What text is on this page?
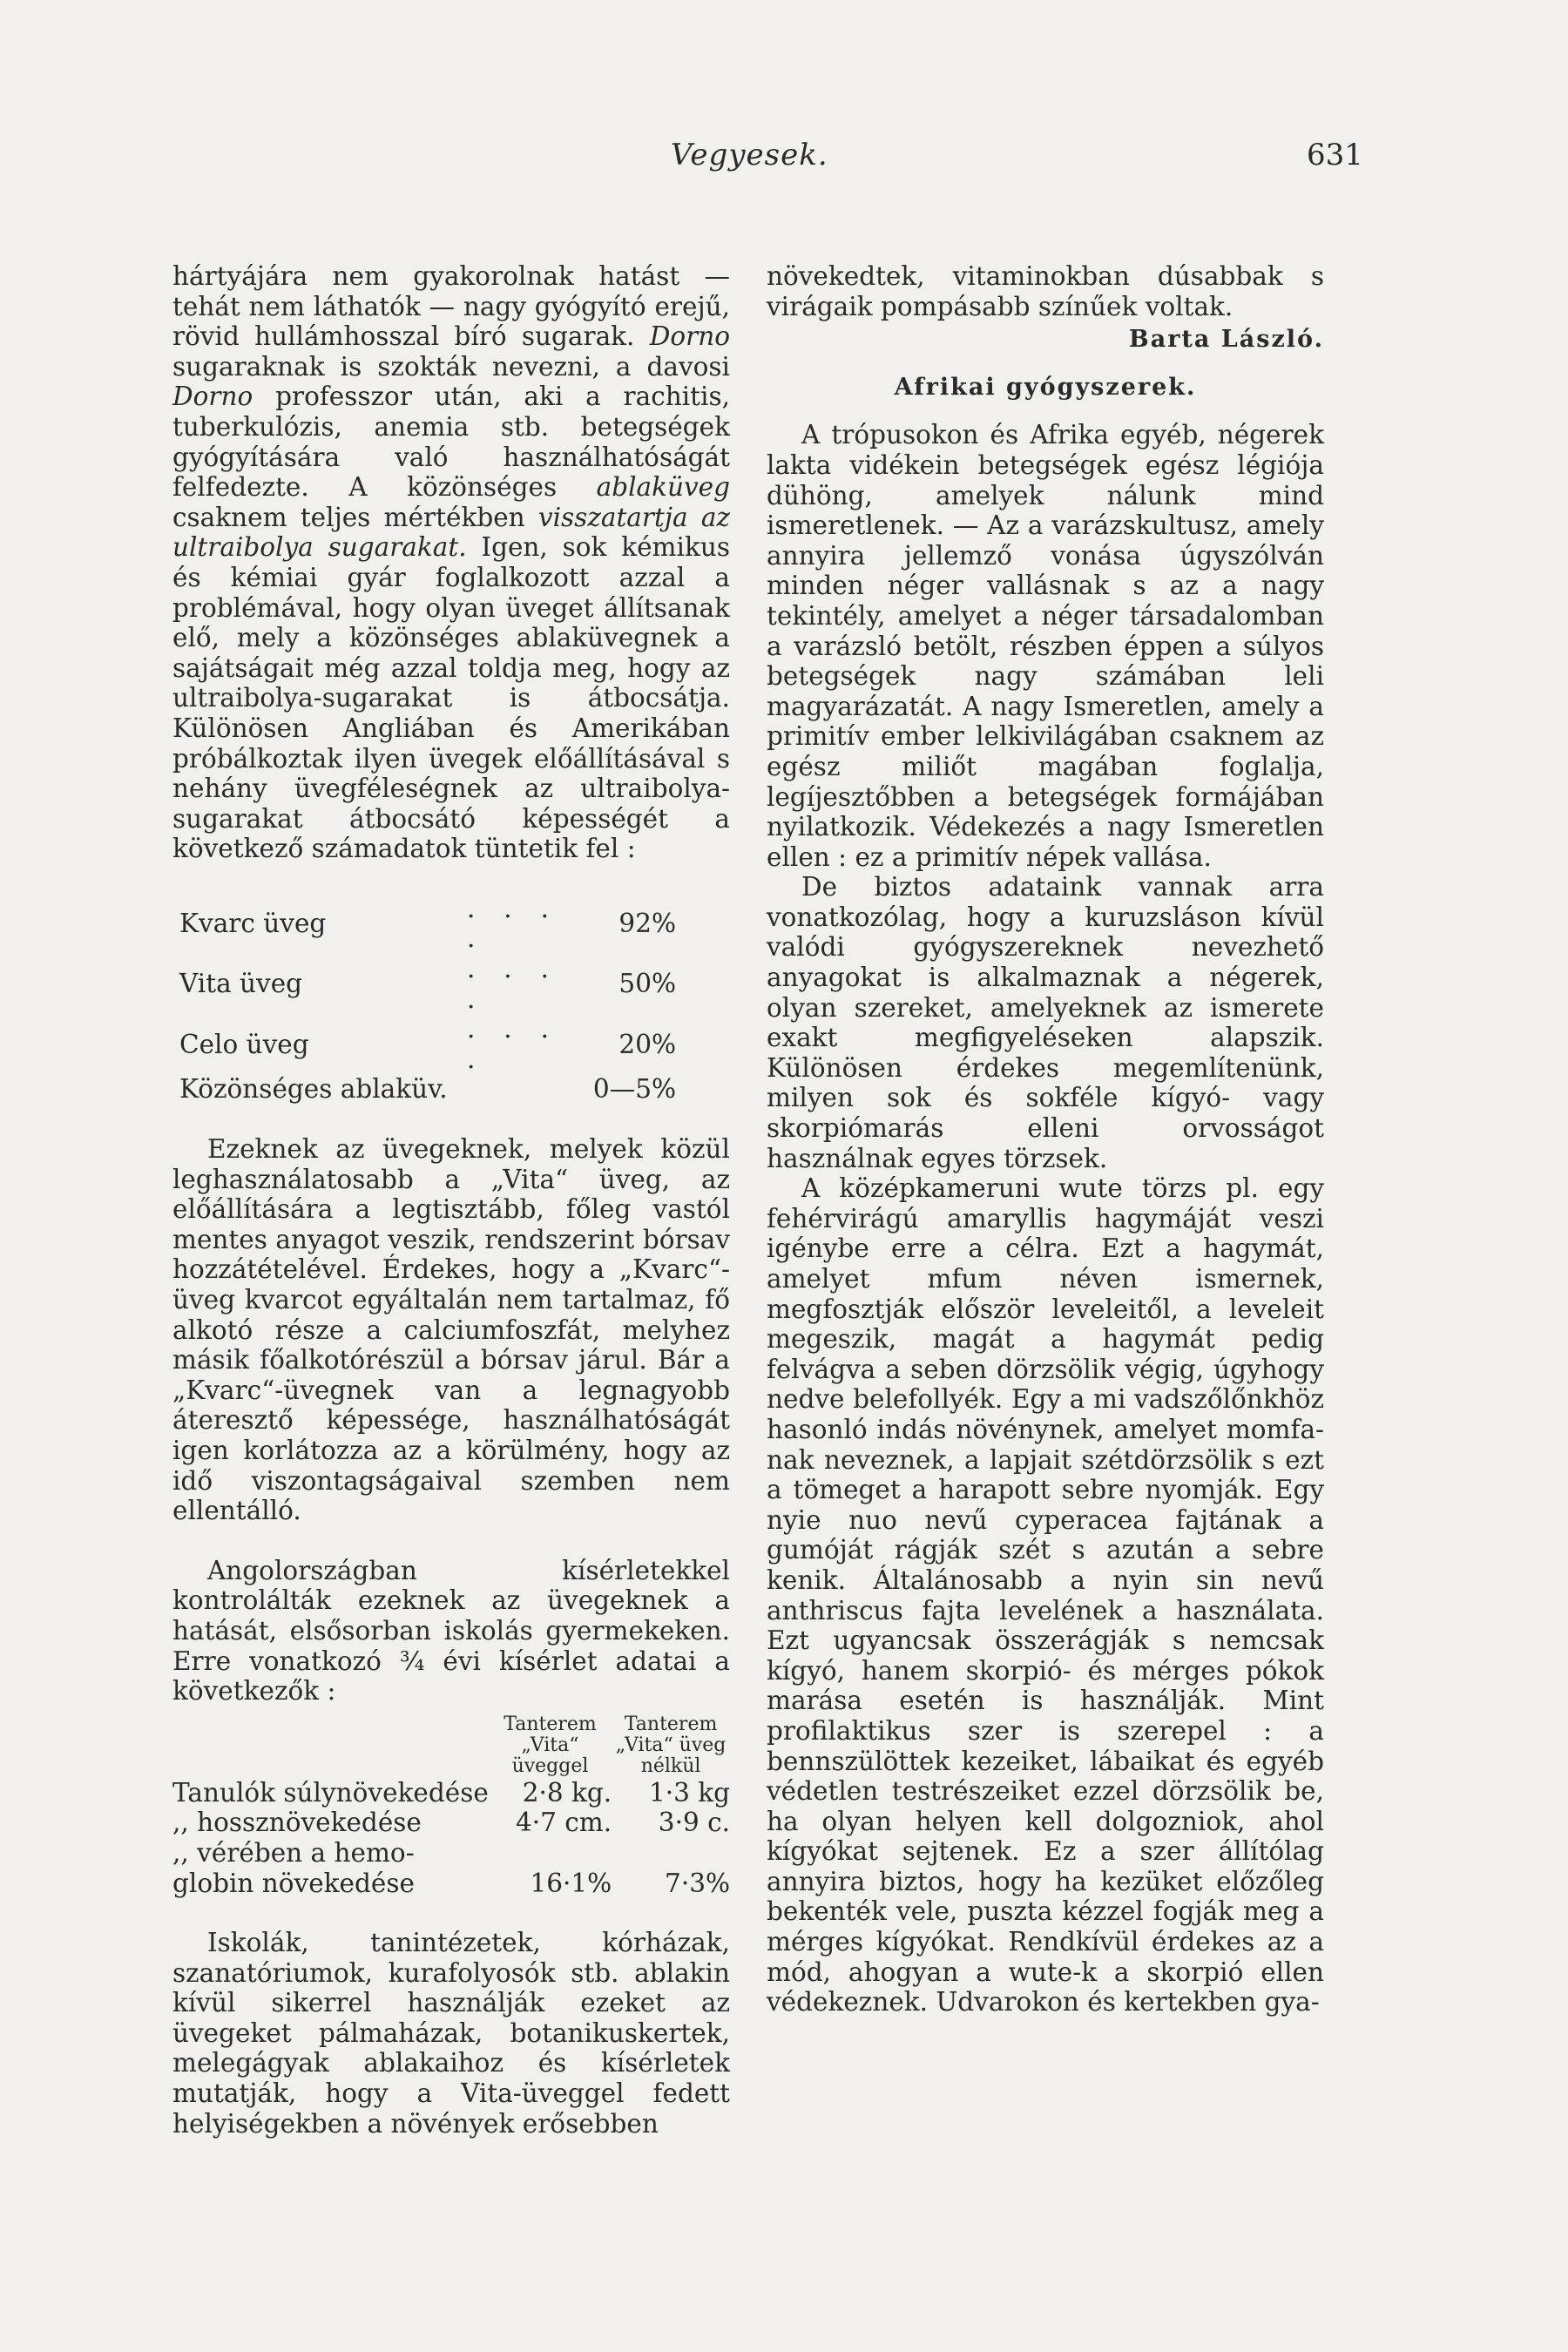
Vegyesek.	631

hártyájára nem gyakorolnak hatást — tehát nem láthatók — nagy gyógyító erejű, rövid hullámhosszal bíró sugarak. Dorno sugaraknak is szokták nevezni, a davosi Dorno professzor után, aki a rachitis, tuberkulózis, anemia stb. betegségek gyógyítására való használhatóságát felfedezte. A közönséges ablaküveg csaknem teljes mértékben visszatartja az ultraibolya sugarakat. Igen, sok kémikus és kémiai gyár foglalkozott azzal a problémával, hogy olyan üveget állítsanak elő, mely a közönséges ablaküvegnek a sajátságait még azzal toldja meg, hogy az ultraibolya-sugarakat is átbocsátja. Különösen Angliában és Amerikában próbálkoztak ilyen üvegek előállításával s nehány üvegféleségnek az ultraibolya-sugarakat átbocsátó képességét a következő számadatok tüntetik fel :

Kvarc üveg	. . . .	92%
Vita üveg	. . . .	50%
Celo üveg	. . . .	20%
Közönséges ablaküv.		0—5%

Ezeknek az üvegeknek, melyek közül leghasználatosabb a „Vita“ üveg, az előállítására a legtisztább, főleg vastól mentes anyagot veszik, rendszerint bórsav hozzátételével. Érdekes, hogy a „Kvarc“-üveg kvarcot egyáltalán nem tartalmaz, fő alkotó része a calciumfoszfát, melyhez másik főalkotórészül a bórsav járul. Bár a „Kvarc“-üvegnek van a legnagyobb áteresztő képessége, használhatóságát igen korlátozza az a körülmény, hogy az idő viszontagságaival szemben nem ellentálló.

Angolországban kísérletekkel kontrolálták ezeknek az üvegeknek a hatását, elsősorban iskolás gyermekeken. Erre vonatkozó ¾ évi kísérlet adatai a következők :

	Tanterem „Vita“ üveggel	Tanterem „Vita“ üveg nélkül
Tanulók súlynövekedése	2·8 kg.	1·3 kg
,, hossznövekedése	4·7 cm.	3·9 c.
,, vérében a hemo-		
globin növekedése	16·1%	7·3%

Iskolák, tanintézetek, kórházak, szanatóriumok, kurafolyosók stb. ablakin kívül sikerrel használják ezeket az üvegeket pálmaházak, botanikuskertek, melegágyak ablakaihoz és kísérletek mutatják, hogy a Vita-üveggel fedett helyiségekben a növények erősebben

növekedtek, vitaminokban dúsabbak s virágaik pompásabb színűek voltak.

Barta László.

Afrikai gyógyszerek.

A trópusokon és Afrika egyéb, négerek lakta vidékein betegségek egész légiója dühöng, amelyek nálunk mind ismeretlenek. — Az a varázskultusz, amely annyira jellemző vonása úgyszólván minden néger vallásnak s az a nagy tekintély, amelyet a néger társadalomban a varázsló betölt, részben éppen a súlyos betegségek nagy számában leli magyarázatát. A nagy Ismeretlen, amely a primitív ember lelkivilágában csaknem az egész miliőt magában foglalja, legíjesztőbben a betegségek formájában nyilatkozik. Védekezés a nagy Ismeretlen ellen : ez a primitív népek vallása.

De biztos adataink vannak arra vonatkozólag, hogy a kuruzsláson kívül valódi gyógyszereknek nevezhető anyagokat is alkalmaznak a négerek, olyan szereket, amelyeknek az ismerete exakt megfigyeléseken alapszik. Különösen érdekes megemlítenünk, milyen sok és sokféle kígyó- vagy skorpiómarás elleni orvosságot használnak egyes törzsek.

A középkameruni wute törzs pl. egy fehérvirágú amaryllis hagymáját veszi igénybe erre a célra. Ezt a hagymát, amelyet mfum néven ismernek, megfosztják először leveleitől, a leveleit megeszik, magát a hagymát pedig felvágva a seben dörzsölik végig, úgyhogy nedve belefollyék. Egy a mi vadszőlőnkhöz hasonló indás növénynek, amelyet momfa-nak neveznek, a lapjait szétdörzsölik s ezt a tömeget a harapott sebre nyomják. Egy nyie nuo nevű cyperacea fajtának a gumóját rágják szét s azután a sebre kenik. Általánosabb a nyin sin nevű anthriscus fajta levelének a használata. Ezt ugyancsak összerágják s nemcsak kígyó, hanem skorpió- és mérges pókok marása esetén is használják. Mint profilaktikus szer is szerepel : a bennszülöttek kezeiket, lábaikat és egyéb védetlen testrészeiket ezzel dörzsölik be, ha olyan helyen kell dolgozniok, ahol kígyókat sejtenek. Ez a szer állítólag annyira biztos, hogy ha kezüket előzőleg bekenték vele, puszta kézzel fogják meg a mérges kígyókat. Rendkívül érdekes az a mód, ahogyan a wute-k a skorpió ellen védekeznek. Udvarokon és kertekben gya-
